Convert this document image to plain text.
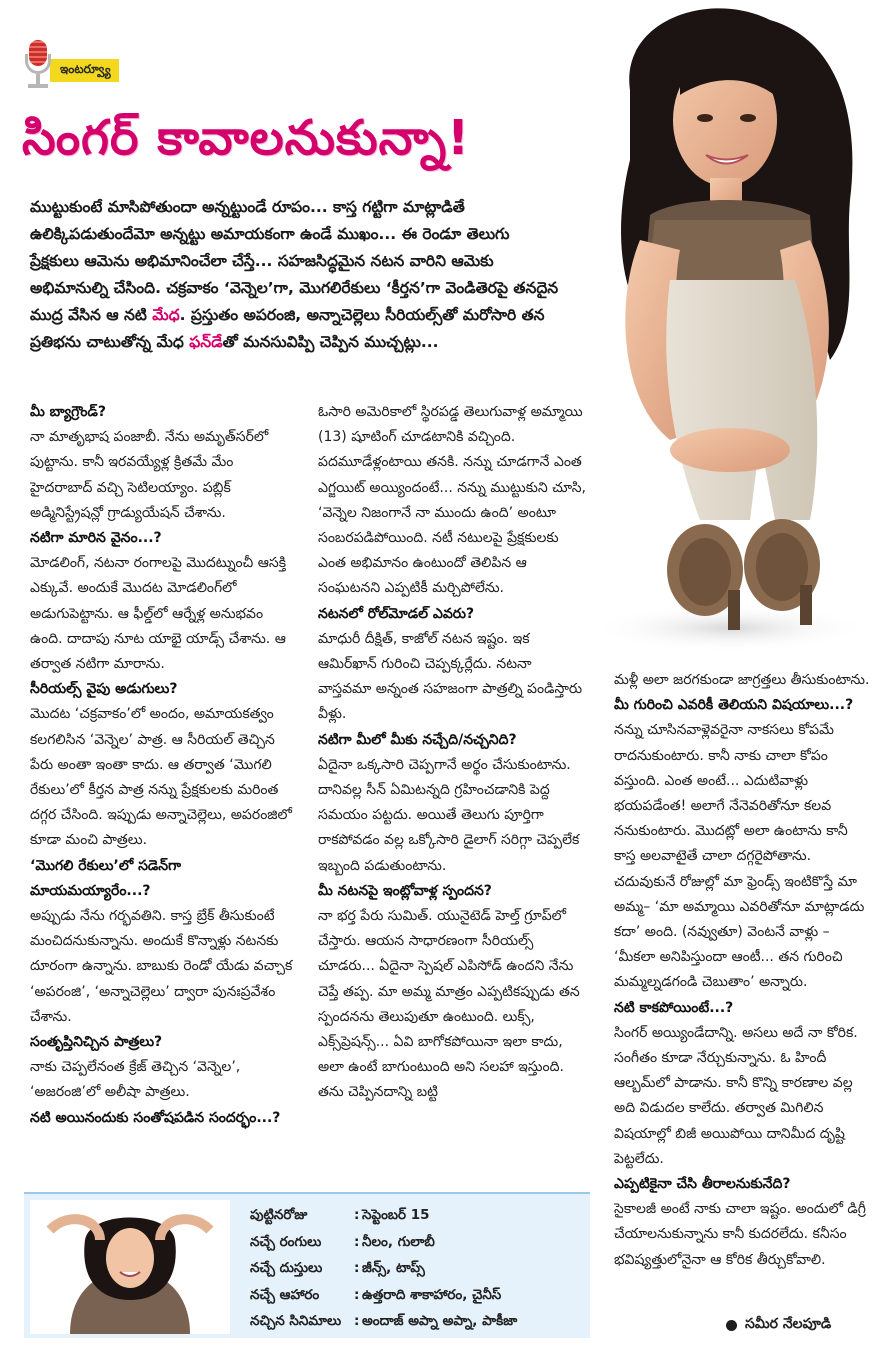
ఇంటర్వ్యూ
సింగర్ కావాలనుకున్నా!
ముట్టుకుంటే మాసిపోతుందా అన్నట్టుండే రూపం... కాస్త గట్టిగా మాట్లాడితే ఉలిక్కిపడుతుందేమో అన్నట్టు అమాయకంగా ఉండే ముఖం... ఈ రెండూ తెలుగు ప్రేక్షకులు ఆమెను అభిమానించేలా చేస్తే... సహజసిద్ధమైన నటన వారిని ఆమెకు అభిమానుల్ని చేసింది. చక్రవాకం ‘వెన్నెల’గా, మొగలిరేకులు ‘కీర్తన’గా వెండితెరపై తనదైన ముద్ర వేసిన ఆ నటి మేధ. ప్రస్తుతం అపరంజి, అన్నాచెల్లెలు సీరియల్స్‌తో మరోసారి తన ప్రతిభను చాటుతోన్న మేధ ఫన్‌డేతో మనసువిప్పి చెప్పిన ముచ్చట్లు...
మీ బ్యాగ్రౌండ్?
నా మాతృభాష పంజాబీ. నేను అమృత్‌సర్‌లో పుట్టాను. కానీ ఇరవయ్యేళ్ల క్రితమే మేం హైదరాబాద్ వచ్చి సెటిలయ్యాం. పబ్లిక్ అడ్మినిస్ట్రేషన్లో గ్రాడ్యుయేషన్ చేశాను.
నటిగా మారిన వైనం...?
మోడలింగ్, నటనా రంగాలపై మొదట్నుంచీ ఆసక్తి ఎక్కువే. అందుకే మొదట మోడలింగ్‌లో అడుగుపెట్టాను. ఆ ఫీల్డ్‌లో ఆర్నేళ్ల అనుభవం ఉంది. దాదాపు నూట యాభై యాడ్స్ చేశాను. ఆ తర్వాత నటిగా మారాను.
సీరియల్స్ వైపు అడుగులు?
మొదట ‘చక్రవాకం’లో అందం, అమాయకత్వం కలగలిసిన ‘వెన్నెల’ పాత్ర. ఆ సీరియల్ తెచ్చిన పేరు అంతా ఇంతా కాదు. ఆ తర్వాత ‘మొగలి రేకులు’లో కీర్తన పాత్ర నన్ను ప్రేక్షకులకు మరింత దగ్గర చేసింది. ఇప్పుడు అన్నాచెల్లెలు, అపరంజిలో కూడా మంచి పాత్రలు.
‘మొగలి రేకులు’లో సడెన్‌గా మాయమయ్యారేం...?
అప్పుడు నేను గర్భవతిని. కాస్త బ్రేక్ తీసుకుంటే మంచిదనుకున్నాను. అందుకే కొన్నాళ్లు నటనకు దూరంగా ఉన్నాను. బాబుకు రెండో యేడు వచ్చాక ‘అపరంజి’, ‘అన్నాచెల్లెలు’ ద్వారా పునఃప్రవేశం చేశాను.
సంతృప్తినిచ్చిన పాత్రలు?
నాకు చెప్పలేనంత క్రేజ్ తెచ్చిన ‘వెన్నెల’, ‘అజరంజి’లో అలీషా పాత్రలు.
నటి అయినందుకు సంతోషపడిన సందర్భం...?
ఓసారి అమెరికాలో స్థిరపడ్డ తెలుగువాళ్ల అమ్మాయి (13) షూటింగ్ చూడటానికి వచ్చింది. పదమూడేళ్లంటాయి తనకి. నన్ను చూడగానే ఎంత ఎగ్జయిట్ అయ్యిందంటే... నన్ను ముట్టుకుని చూసి, ‘వెన్నెల నిజంగానే నా ముందు ఉంది’ అంటూ సంబరపడిపోయింది. నటీ నటులపై ప్రేక్షకులకు ఎంత అభిమానం ఉంటుందో తెలిపిన ఆ సంఘటనని ఎప్పటికీ మర్చిపోలేను.
నటనలో రోల్‌మోడల్ ఎవరు?
మాధురీ దీక్షిత్, కాజోల్ నటన ఇష్టం. ఇక ఆమిర్‌ఖాన్ గురించి చెప్పక్కర్లేదు. నటనా వాస్తవమా అన్నంత సహజంగా పాత్రల్ని పండిస్తారు వీళ్లు.
నటిగా మీలో మీకు నచ్చేది/నచ్చనిది?
ఏదైనా ఒక్కసారి చెప్పగానే అర్థం చేసుకుంటాను. దానివల్ల సీన్ ఏమిటన్నది గ్రహించడానికి పెద్ద సమయం పట్టదు. అయితే తెలుగు పూర్తిగా రాకపోవడం వల్ల ఒక్కోసారి డైలాగ్ సరిగ్గా చెప్పలేక ఇబ్బంది పడుతుంటాను.
మీ నటనపై ఇంట్లోవాళ్ల స్పందన?
నా భర్త పేరు సుమిత్. యునైటెడ్ హెల్త్ గ్రూప్‌లో చేస్తారు. ఆయన సాధారణంగా సీరియల్స్ చూడరు... ఏదైనా స్పెషల్ ఎపిసోడ్ ఉందని నేను చెప్తే తప్ప. మా అమ్మ మాత్రం ఎప్పటికప్పుడు తన స్పందనను తెలుపుతూ ఉంటుంది. లుక్స్, ఎక్స్‌ప్రెషన్స్... ఏవి బాగోకపోయినా ఇలా కాదు, అలా ఉంటే బాగుంటుంది అని సలహా ఇస్తుంది. తను చెప్పినదాన్ని బట్టి
మళ్లీ అలా జరగకుండా జాగ్రత్తలు తీసుకుంటాను.
మీ గురించి ఎవరికీ తెలియని విషయాలు...?
నన్ను చూసినవాళ్లెవరైనా నాకసలు కోపమే రాదనుకుంటారు. కానీ నాకు చాలా కోపం వస్తుంది. ఎంత అంటే... ఎదుటివాళ్లు భయపడేంత! అలాగే నేనెవరితోనూ కలవ ననుకుంటారు. మొదట్లో అలా ఉంటాను కానీ కాస్త అలవాటైతే చాలా దగ్గరైపోతాను. చదువుకునే రోజుల్లో మా ఫ్రెండ్స్ ఇంటికొస్తే మా అమ్మ– ‘మా అమ్మాయి ఎవరితోనూ మాట్లాడదు కదా’ అంది. (నవ్వుతూ) వెంటనే వాళ్లు – ‘మీకలా అనిపిస్తుందా ఆంటీ... తన గురించి మమ్మల్నడగండి చెబుతాం’ అన్నారు.
నటి కాకపోయింటే...?
సింగర్ అయ్యిండేదాన్ని. అసలు అదే నా కోరిక. సంగీతం కూడా నేర్చుకున్నాను. ఓ హిందీ ఆల్బమ్‌లో పాడాను. కానీ కొన్ని కారణాల వల్ల అది విడుదల కాలేదు. తర్వాత మిగిలిన విషయాల్లో బిజీ అయిపోయి దానిమీద దృష్టి పెట్టలేదు.
ఎప్పటికైనా చేసి తీరాలనుకునేది?
సైకాలజీ అంటే నాకు చాలా ఇష్టం. అందులో డిగ్రీ చేయాలనుకున్నాను కానీ కుదరలేదు. కనీసం భవిష్యత్తులోనైనా ఆ కోరిక తీర్చుకోవాలి.
పుట్టినరోజు	: సెప్టెంబర్ 15
నచ్చే రంగులు	: నీలం, గులాబీ
నచ్చే దుస్తులు	: జీన్స్, టాప్స్
నచ్చే ఆహారం	: ఉత్తరాది శాకాహారం, చైనీస్
నచ్చిన సినిమాలు : అందాజ్ అప్నా అప్నా, పాకీజా	సమీర నేలపూడి
